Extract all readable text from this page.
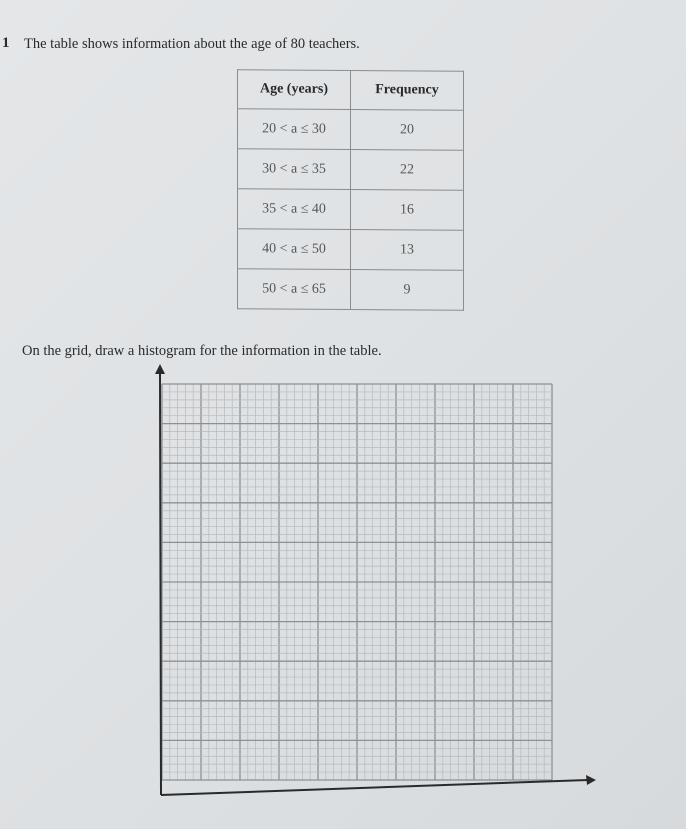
1 The table shows information about the age of 80 teachers.
Age (years)	Frequency
20 < a ≤ 30	20
30 < a ≤ 35	22
35 < a ≤ 40	16
40 < a ≤ 50	13
50 < a ≤ 65	9
On the grid, draw a histogram for the information in the table.
